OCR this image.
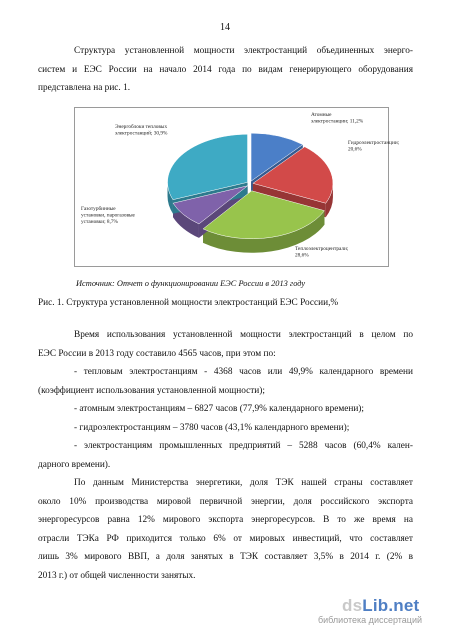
14
Структура установленной мощности электростанций объединенных энерго-
систем и ЕЭС России на начало 2014 года по видам генерирующего оборудования
представлена на рис. 1.
Атомные электростанции; 11,2%
Гидроэлектростанции; 20,6%
Теплоэлектроцентрали; 28,6%
Газотурбинные установки, парогазовые установки; 8,7%
Энергоблоки тепловых электростанций; 30,9%
Источник: Отчет о функционировании ЕЭС России в 2013 году
Рис. 1. Структура установленной мощности электростанций ЕЭС России,%
Время использования установленной мощности электростанций в целом по
ЕЭС России в 2013 году составило 4565 часов, при этом по:
- тепловым электростанциям - 4368 часов или 49,9% календарного времени
(коэффициент использования установленной мощности);
- атомным электростанциям – 6827 часов (77,9% календарного времени);
- гидроэлектростанциям – 3780 часов (43,1% календарного времени);
- электростанциям промышленных предприятий – 5288 часов (60,4% кален-
дарного времени).
По данным Министерства энергетики, доля ТЭК нашей страны составляет
около 10% производства мировой первичной энергии, доля российского экспорта
энергоресурсов равна 12% мирового экспорта энергоресурсов. В то же время на
отрасли ТЭКа РФ приходится только 6% от мировых инвестиций, что составляет
лишь 3% мирового ВВП, а доля занятых в ТЭК составляет 3,5% в 2014 г. (2% в
2013 г.) от общей численности занятых.
dsLib.net
библиотека диссертаций
